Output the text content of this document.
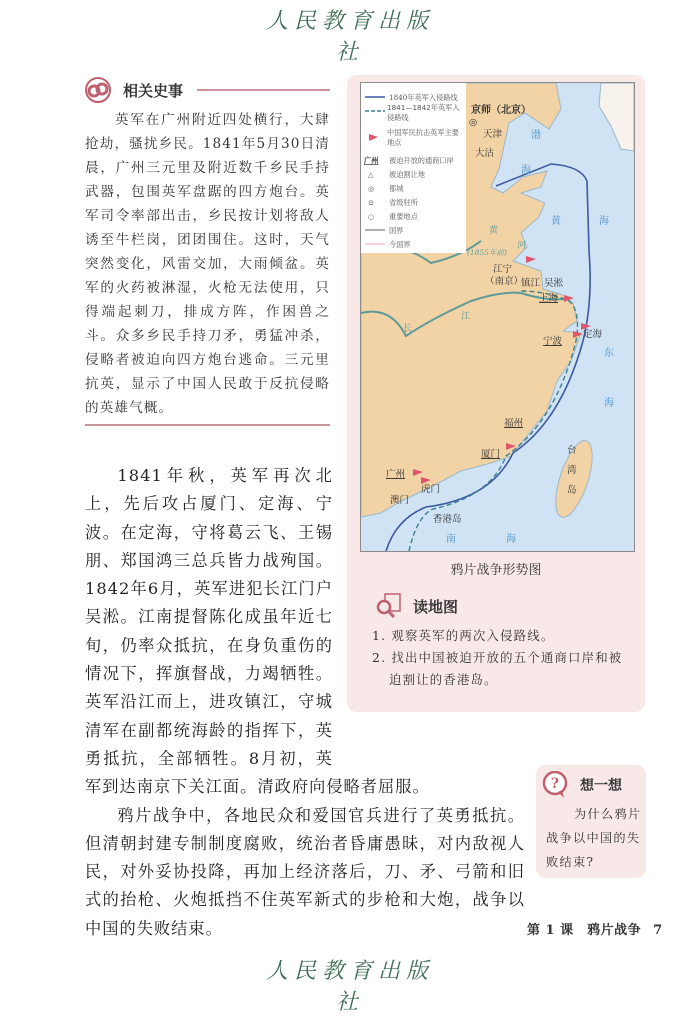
人民教育出版社
相关史事

英军在广州附近四处横行，大肆抢劫，骚扰乡民。1841年5月30日清晨，广州三元里及附近数千乡民手持武器，包围英军盘踞的四方炮台。英军司令率部出击，乡民按计划将敌人诱至牛栏岗，团团围住。这时，天气突然变化，风雷交加，大雨倾盆。英军的火药被淋湿，火枪无法使用，只得端起刺刀，排成方阵，作困兽之斗。众多乡民手持刀矛，勇猛冲杀，侵略者被迫向四方炮台逃命。三元里抗英，显示了中国人民敢于反抗侵略的英雄气概。

1841年秋，英军再次北上，先后攻占厦门、定海、宁波。在定海，守将葛云飞、王锡朋、郑国鸿三总兵皆力战殉国。1842年6月，英军进犯长江门户吴淞。江南提督陈化成虽年近七旬，仍率众抵抗，在身负重伤的情况下，挥旗督战，力竭牺牲。英军沿江而上，进攻镇江，守城清军在副都统海龄的指挥下，英勇抵抗，全部牺牲。8月初，英军到达南京下关江面。清政府向侵略者屈服。

鸦片战争中，各地民众和爱国官兵进行了英勇抵抗。但清朝封建专制制度腐败，统治者昏庸愚昧，对内敌视人民，对外妥协投降，再加上经济落后，刀、矛、弓箭和旧式的抬枪、火炮抵挡不住英军新式的步枪和大炮，战争以中国的失败结束。

1840年英军入侵路线
1841—1842年英军入侵路线
中国军民抗击英军主要地点
广州 被迫开放的通商口岸
△ 被迫割让地
◎ 都城
⊙ 省级驻所
○ 重要地点
国界
今国界
京师（北京）
◎
天津
大沽
江宁
（南京）
镇江 吴淞
上海
定海
宁波
福州
厦门
广州
虎门
澳门
香港岛
台
湾
岛
渤
海
黄	海
东
海
南	海
黄
河
(1855年前)
长
江
鸦片战争形势图
读地图
1. 观察英军的两次入侵路线。
2. 找出中国被迫开放的五个通商口岸和被迫割让的香港岛。
? 想一想
为什么鸦片战争以中国的失败结束?
第 1 课　鸦片战争 7
人民教育出版社
